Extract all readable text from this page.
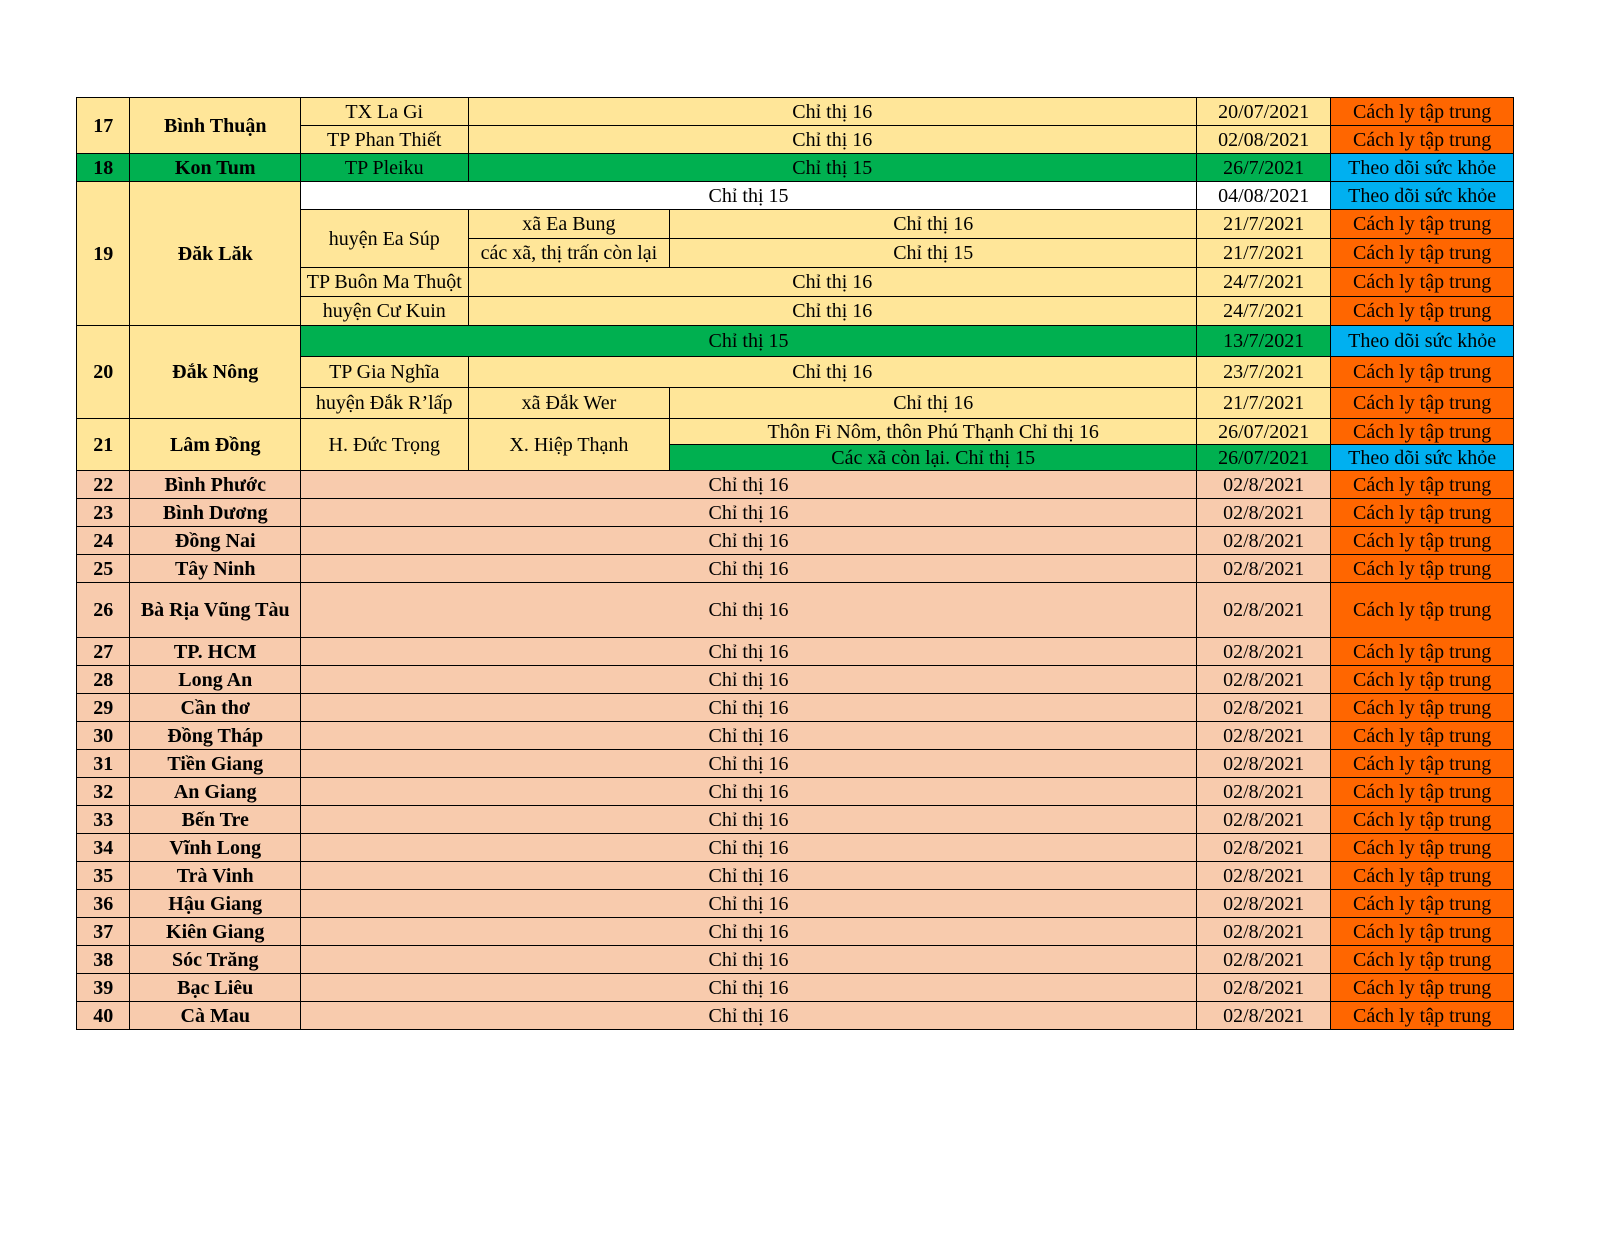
17	Bình Thuận	TX La Gi	Chỉ thị 16		20/07/2021	Cách ly tập trung
		TP Phan Thiết	Chỉ thị 16		02/08/2021	Cách ly tập trung
18	Kon Tum	TP Pleiku	Chỉ thị 15		26/7/2021	Theo dõi sức khỏe
19	Đăk Lăk	Chỉ thị 15			04/08/2021	Theo dõi sức khỏe
		huyện Ea Súp	xã Ea Bung	Chỉ thị 16	21/7/2021	Cách ly tập trung
			các xã, thị trấn còn lại	Chỉ thị 15	21/7/2021	Cách ly tập trung
		TP Buôn Ma Thuột	Chỉ thị 16		24/7/2021	Cách ly tập trung
		huyện Cư Kuin	Chỉ thị 16		24/7/2021	Cách ly tập trung
20	Đắk Nông	Chỉ thị 15			13/7/2021	Theo dõi sức khỏe
		TP Gia Nghĩa	Chỉ thị 16		23/7/2021	Cách ly tập trung
		huyện Đắk R’lấp	xã Đắk Wer	Chỉ thị 16	21/7/2021	Cách ly tập trung
21	Lâm Đồng	H. Đức Trọng	X. Hiệp Thạnh	Thôn Fi Nôm, thôn Phú Thạnh Chỉ thị 16	26/07/2021	Cách ly tập trung
				Các xã còn lại. Chỉ thị 15	26/07/2021	Theo dõi sức khỏe
22	Bình Phước	Chỉ thị 16			02/8/2021	Cách ly tập trung
23	Bình Dương	Chỉ thị 16			02/8/2021	Cách ly tập trung
24	Đồng Nai	Chỉ thị 16			02/8/2021	Cách ly tập trung
25	Tây Ninh	Chỉ thị 16			02/8/2021	Cách ly tập trung
26	Bà Rịa Vũng Tàu	Chỉ thị 16			02/8/2021	Cách ly tập trung
27	TP. HCM	Chỉ thị 16			02/8/2021	Cách ly tập trung
28	Long An	Chỉ thị 16			02/8/2021	Cách ly tập trung
29	Cần thơ	Chỉ thị 16			02/8/2021	Cách ly tập trung
30	Đồng Tháp	Chỉ thị 16			02/8/2021	Cách ly tập trung
31	Tiền Giang	Chỉ thị 16			02/8/2021	Cách ly tập trung
32	An Giang	Chỉ thị 16			02/8/2021	Cách ly tập trung
33	Bến Tre	Chỉ thị 16			02/8/2021	Cách ly tập trung
34	Vĩnh Long	Chỉ thị 16			02/8/2021	Cách ly tập trung
35	Trà Vinh	Chỉ thị 16			02/8/2021	Cách ly tập trung
36	Hậu Giang	Chỉ thị 16			02/8/2021	Cách ly tập trung
37	Kiên Giang	Chỉ thị 16			02/8/2021	Cách ly tập trung
38	Sóc Trăng	Chỉ thị 16			02/8/2021	Cách ly tập trung
39	Bạc Liêu	Chỉ thị 16			02/8/2021	Cách ly tập trung
40	Cà Mau	Chỉ thị 16			02/8/2021	Cách ly tập trung
